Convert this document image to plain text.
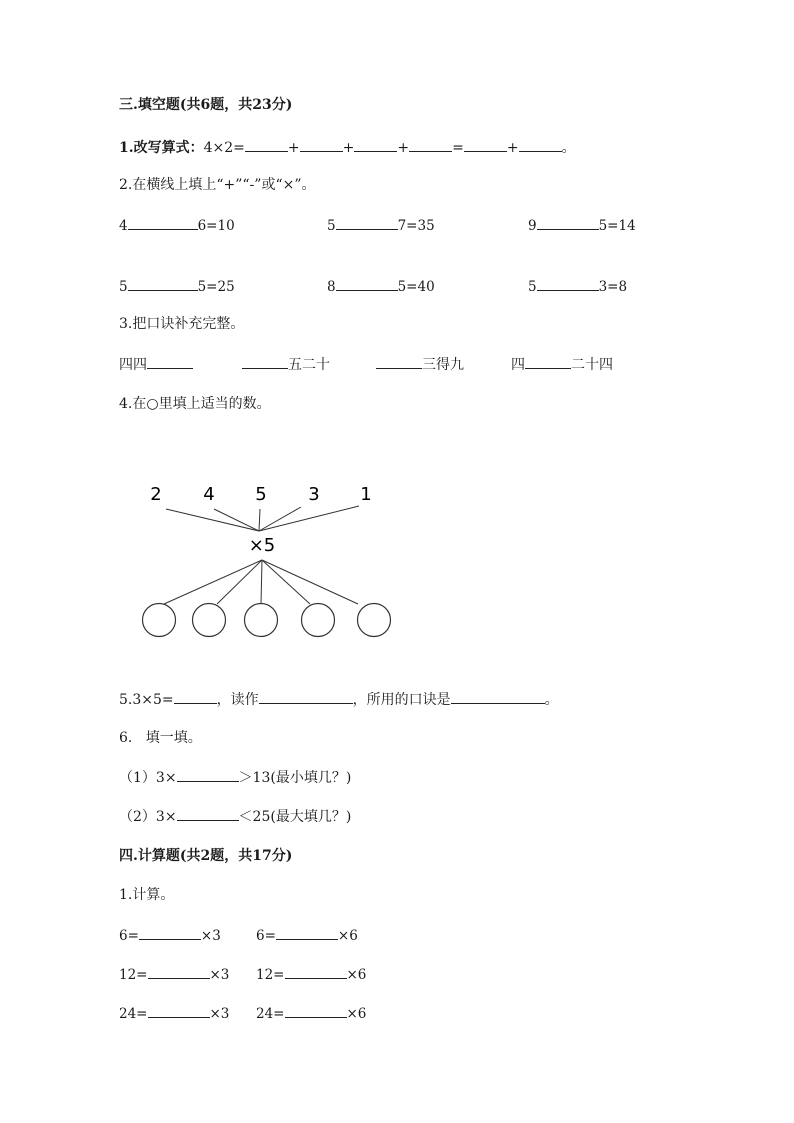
三.填空题(共6题，共23分)
1.改写算式：4×2=	+	+	+	=	+	。
2.在横线上填上“+”“-”或“×”。
4	6=10	5	7=35	9	5=14
5	5=25	8	5=40	5	3=8
3.把口诀补充完整。
四四	五二十	三得九	四	二十四
4.在○里填上适当的数。
2 4 5 3 1
×5
5.3×5=	，读作	，所用的口诀是	。
6.   填一填。
（1）3×	＞13(最小填几？)
（2）3×	＜25(最大填几？)
四.计算题(共2题，共17分)
1.计算。
6=	×3	6=	×6
12=	×3 12=	×6
24=	×3 24=	×6
